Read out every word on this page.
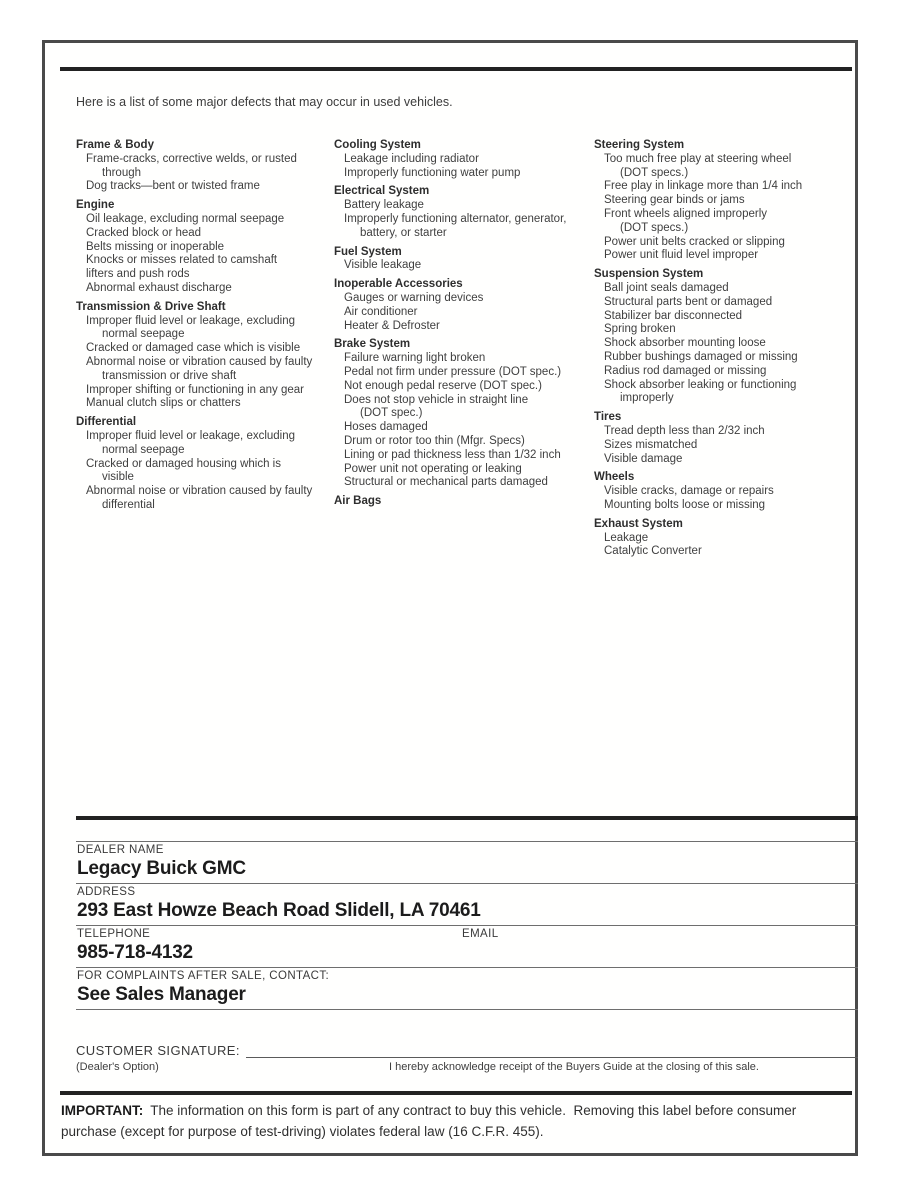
Here is a list of some major defects that may occur in used vehicles.
Frame & Body
Frame-cracks, corrective welds, or rusted
through
Dog tracks—bent or twisted frame
Engine
Oil leakage, excluding normal seepage
Cracked block or head
Belts missing or inoperable
Knocks or misses related to camshaft
lifters and push rods
Abnormal exhaust discharge
Transmission & Drive Shaft
Improper fluid level or leakage, excluding
normal seepage
Cracked or damaged case which is visible
Abnormal noise or vibration caused by faulty
transmission or drive shaft
Improper shifting or functioning in any gear
Manual clutch slips or chatters
Differential
Improper fluid level or leakage, excluding
normal seepage
Cracked or damaged housing which is
visible
Abnormal noise or vibration caused by faulty
differential
Cooling System
Leakage including radiator
Improperly functioning water pump
Electrical System
Battery leakage
Improperly functioning alternator, generator,
battery, or starter
Fuel System
Visible leakage
Inoperable Accessories
Gauges or warning devices
Air conditioner
Heater & Defroster
Brake System
Failure warning light broken
Pedal not firm under pressure (DOT spec.)
Not enough pedal reserve (DOT spec.)
Does not stop vehicle in straight line
(DOT spec.)
Hoses damaged
Drum or rotor too thin (Mfgr. Specs)
Lining or pad thickness less than 1/32 inch
Power unit not operating or leaking
Structural or mechanical parts damaged
Air Bags
Steering System
Too much free play at steering wheel
(DOT specs.)
Free play in linkage more than 1/4 inch
Steering gear binds or jams
Front wheels aligned improperly
(DOT specs.)
Power unit belts cracked or slipping
Power unit fluid level improper
Suspension System
Ball joint seals damaged
Structural parts bent or damaged
Stabilizer bar disconnected
Spring broken
Shock absorber mounting loose
Rubber bushings damaged or missing
Radius rod damaged or missing
Shock absorber leaking or functioning
improperly
Tires
Tread depth less than 2/32 inch
Sizes mismatched
Visible damage
Wheels
Visible cracks, damage or repairs
Mounting bolts loose or missing
Exhaust System
Leakage
Catalytic Converter
DEALER NAME
Legacy Buick GMC
ADDRESS
293 East Howze Beach Road Slidell, LA 70461
TELEPHONE	EMAIL
985-718-4132
FOR COMPLAINTS AFTER SALE, CONTACT:
See Sales Manager
CUSTOMER SIGNATURE:
(Dealer's Option)	I hereby acknowledge receipt of the Buyers Guide at the closing of this sale.
IMPORTANT: The information on this form is part of any contract to buy this vehicle.  Removing this label before consumer purchase (except for purpose of test-driving) violates federal law (16 C.F.R. 455).
